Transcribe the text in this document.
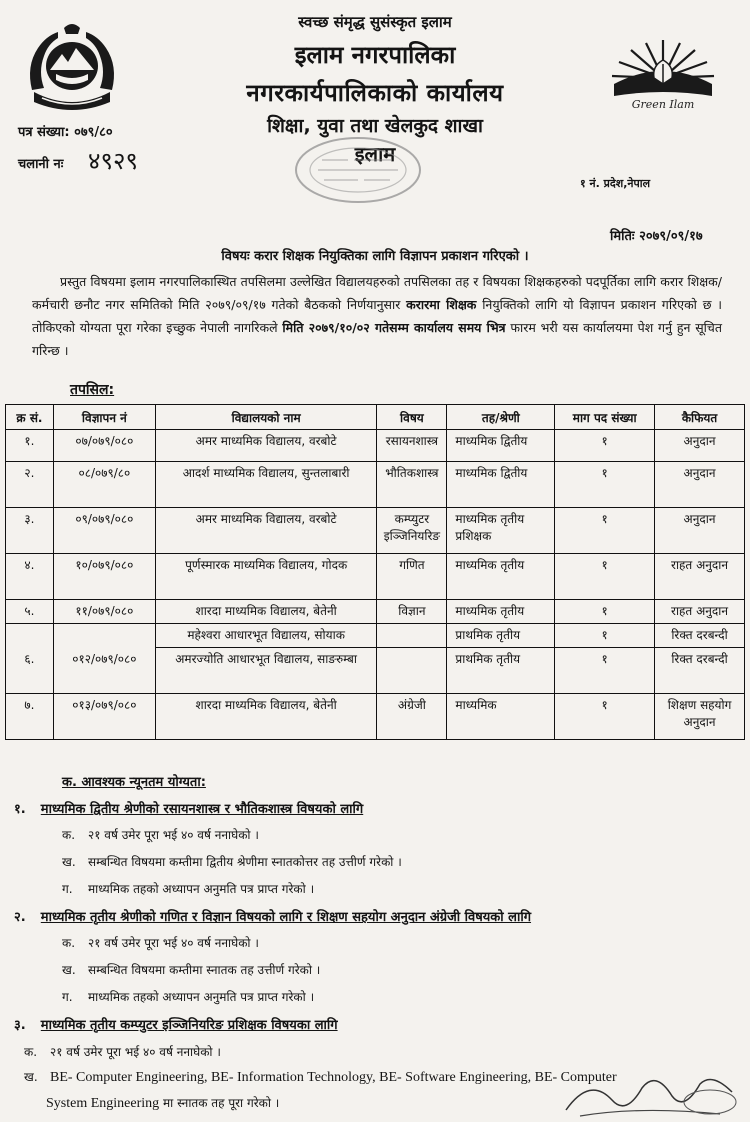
स्वच्छ संमृद्ध सुसंस्कृत इलाम
इलाम नगरपालिका
नगरकार्यपालिकाको कार्यालय
शिक्षा, युवा तथा खेलकुद शाखा
इलाम
Green Ilam
पत्र संख्या: ०७९/८०
चलानी नः ४९२९
१ नं. प्रदेश,नेपाल
मितिः २०७९/०९/१७
विषयः करार शिक्षक नियुक्तिका लागि विज्ञापन प्रकाशन गरिएको ।
प्रस्तुत विषयमा इलाम नगरपालिकास्थित तपसिलमा उल्लेखित विद्यालयहरुको तपसिलका तह र विषयका शिक्षकहरुको पदपूर्तिका लागि करार शिक्षक/कर्मचारी छनौट नगर समितिको मिति २०७९/०९/१७ गतेको बैठकको निर्णयानुसार करारमा शिक्षक नियुक्तिको लागि यो विज्ञापन प्रकाशन गरिएको छ । तोकिएको योग्यता पूरा गरेका इच्छुक नेपाली नागरिकले मिति २०७९/१०/०२ गतेसम्म कार्यालय समय भित्र फारम भरी यस कार्यालयमा पेश गर्नु हुन सूचित गरिन्छ ।
तपसिल:
क्र सं.	विज्ञापन नं	विद्यालयको नाम	विषय	तह/श्रेणी	माग पद संख्या	कैफियत
१.	०७/०७९/०८०	अमर माध्यमिक विद्यालय, वरबोटे	रसायनशास्त्र	माध्यमिक द्वितीय	१	अनुदान
२.	०८/०७९/८०	आदर्श माध्यमिक विद्यालय, सुन्तलाबारी	भौतिकशास्त्र	माध्यमिक द्वितीय	१	अनुदान
३.	०९/०७९/०८०	अमर माध्यमिक विद्यालय, वरबोटे	कम्प्युटर इञ्जिनियरिङ	माध्यमिक तृतीय प्रशिक्षक	१	अनुदान
४.	१०/०७९/०८०	पूर्णस्मारक माध्यमिक विद्यालय, गोदक	गणित	माध्यमिक तृतीय	१	राहत अनुदान
५.	११/०७९/०८०	शारदा माध्यमिक विद्यालय, बेतेनी	विज्ञान	माध्यमिक तृतीय	१	राहत अनुदान
६.	०१२/०७९/०८०	महेश्वरा आधारभूत विद्यालय, सोयाक		प्राथमिक तृतीय	१	रिक्त दरबन्दी
		अमरज्योति आधारभूत विद्यालय, साङरुम्बा		प्राथमिक तृतीय	१	रिक्त दरबन्दी
७.	०१३/०७९/०८०	शारदा माध्यमिक विद्यालय, बेतेनी	अंग्रेजी	माध्यमिक	१	शिक्षण सहयोग अनुदान
क. आवश्यक न्यूनतम योग्यता:
१. माध्यमिक द्वितीय श्रेणीको रसायनशास्त्र र भौतिकशास्त्र विषयको लागि
क. २१ वर्ष उमेर पूरा भई ४० वर्ष ननाघेको ।
ख. सम्बन्धित विषयमा कम्तीमा द्वितीय श्रेणीमा स्नातकोत्तर तह उत्तीर्ण गरेको ।
ग. माध्यमिक तहको अध्यापन अनुमति पत्र प्राप्त गरेको ।
२. माध्यमिक तृतीय श्रेणीको गणित र विज्ञान विषयको लागि र शिक्षण सहयोग अनुदान अंग्रेजी विषयको लागि
क. २१ वर्ष उमेर पूरा भई ४० वर्ष ननाघेको ।
ख. सम्बन्धित विषयमा कम्तीमा स्नातक तह उत्तीर्ण गरेको ।
ग. माध्यमिक तहको अध्यापन अनुमति पत्र प्राप्त गरेको ।
३. माध्यमिक तृतीय कम्प्युटर इञ्जिनियरिङ प्रशिक्षक विषयका लागि
क. २१ वर्ष उमेर पूरा भई ४० वर्ष ननाघेको ।
ख. BE- Computer Engineering, BE- Information Technology, BE- Software Engineering, BE- Computer
System Engineering मा स्नातक तह पूरा गरेको ।
